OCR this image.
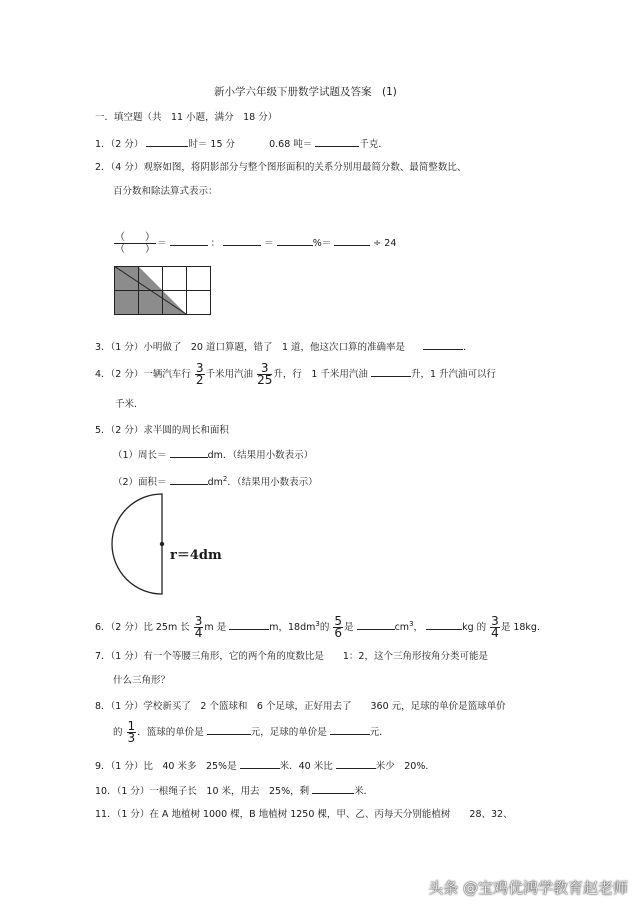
新小学六年级下册数学试题及答案　(1)
一．填空题（共　11 小题，满分　18 分）
1．（2 分）	时＝ 15 分	0.68 吨＝	千克．
2．（4 分）观察如图，将阴影部分与整个图形面积的关系分别用最简分数、最简整数比、
百分数和除法算式表示：
$\frac{( )}{( )}$ ＝	：	＝	%＝	÷ 24
3．（1 分）小明做了　20 道口算题，错了　1 道，他这次口算的准确率是	．
4．（2 分）一辆汽车行 $\frac{3}{2}$ 千米用汽油 $\frac{3}{25}$ 升，行　1 千米用汽油	升，1 升汽油可以行
千米．
5．（2 分）求半圆的周长和面积
（1）周长＝	dm．（结果用小数表示）
（2）面积＝	$dm^2$．（结果用小数表示）
r＝4dm
6．（2 分）比 25m 长 $\frac{3}{4}$ m 是	m，$18dm^3$的 $\frac{5}{6}$ 是	$cm^3$，	kg 的 $\frac{3}{4}$ 是 18kg．
7．（1 分）有一个等腰三角形，它的两个角的度数比是　　1：2，这个三角形按角分类可能是
什么三角形？
8．（1 分）学校新买了　2 个篮球和　6 个足球，正好用去了　　360 元，足球的单价是篮球单价
的 $\frac{1}{3}$ ．篮球的单价是	元，足球的单价是	元．
9．（1 分）比　40 米多　25%是	米．40 米比	米少　20%．
10．（1 分）一根绳子长　10 米，用去　25%，剩	米．
11．（1 分）在 A 地植树 1000 棵，B 地植树 1250 棵，甲、乙、丙每天分别能植树　　28、32、
头条 @宝鸡优鸿学教育赵老师
